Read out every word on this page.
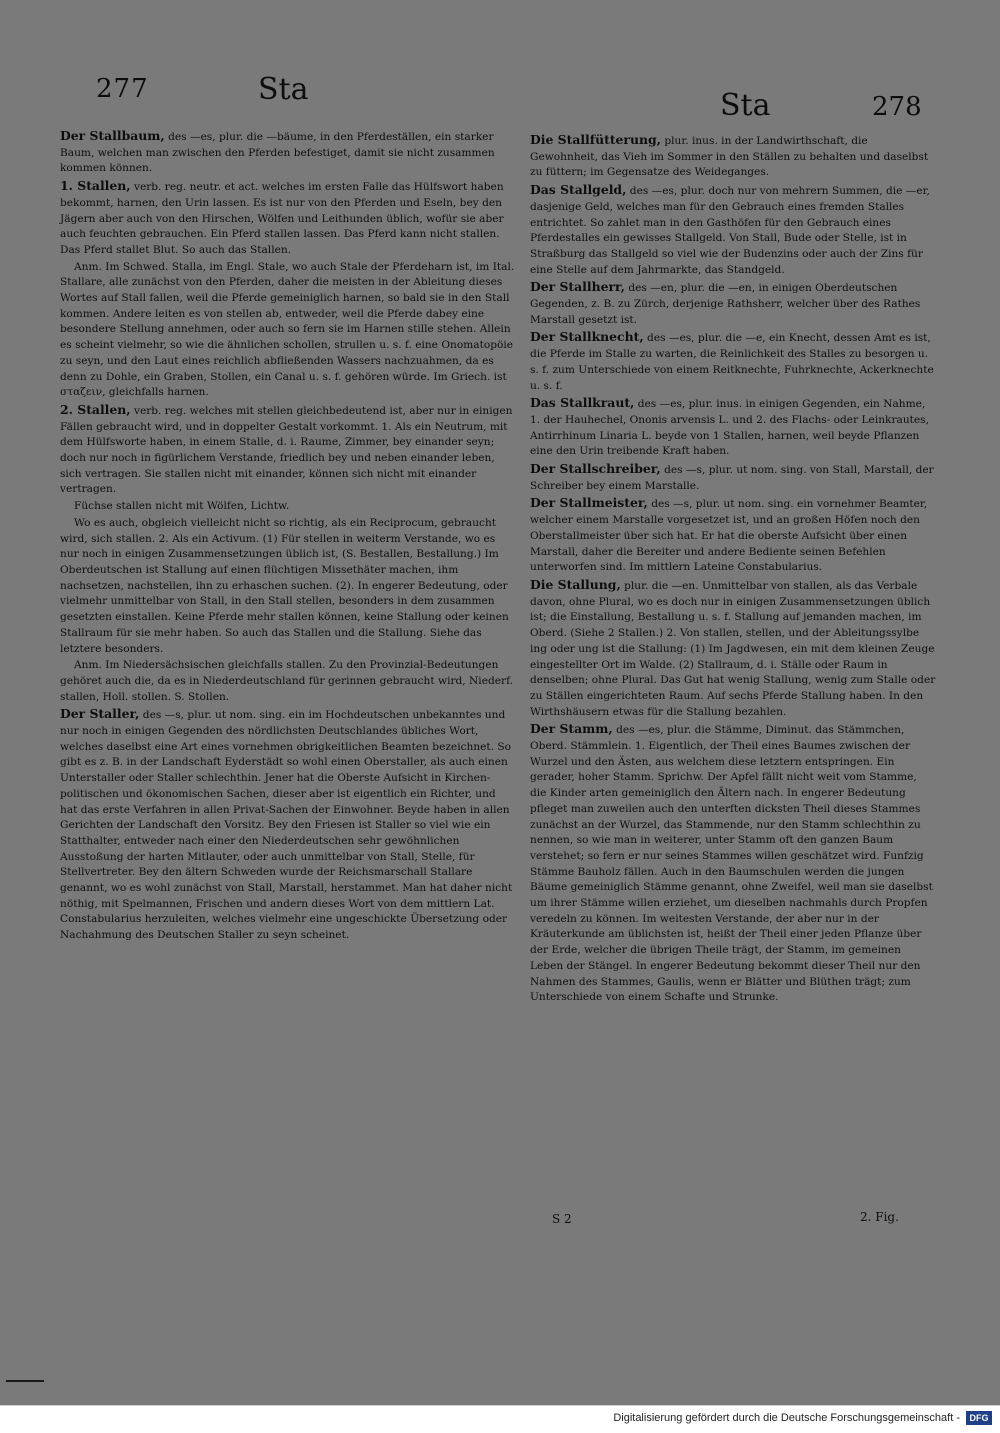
277	Sta	Sta	278

Der Stallbaum, des —es, plur. die —bäume, in den Pferdeställen, ein starker Baum, welchen man zwischen den Pferden befestiget, damit sie nicht zusammen kommen können.

1. Stallen, verb. reg. neutr. et act. welches im ersten Falle das Hülfswort haben bekommt, harnen, den Urin lassen. Es ist nur von den Pferden und Eseln, bey den Jägern aber auch von den Hirschen, Wölfen und Leithunden üblich, wofür sie aber auch feuchten gebrauchen. Ein Pferd stallen lassen. Das Pferd kann nicht stallen. Das Pferd stallet Blut. So auch das Stallen.

Anm. Im Schwed. Stalla, im Engl. Stale, wo auch Stale der Pferdeharn ist, im Ital. Stallare, alle zunächst von den Pferden, daher die meisten in der Ableitung dieses Wortes auf Stall fallen, weil die Pferde gemeiniglich harnen, so bald sie in den Stall kommen. Andere leiten es von stellen ab, entweder, weil die Pferde dabey eine besondere Stellung annehmen, oder auch so fern sie im Harnen stille stehen. Allein es scheint vielmehr, so wie die ähnlichen schollen, strullen u. s. f. eine Onomatopöie zu seyn, und den Laut eines reichlich abfließenden Wassers nachzuahmen, da es denn zu Dohle, ein Graben, Stollen, ein Canal u. s. f. gehören würde. Im Griech. ist σταζειν, gleichfalls harnen.

2. Stallen, verb. reg. welches mit stellen gleichbedeutend ist, aber nur in einigen Fällen gebraucht wird, und in doppelter Gestalt vorkommt. 1. Als ein Neutrum, mit dem Hülfsworte haben, in einem Stalle, d. i. Raume, Zimmer, bey einander seyn; doch nur noch in figürlichem Verstande, friedlich bey und neben einander leben, sich vertragen. Sie stallen nicht mit einander, können sich nicht mit einander vertragen.

Füchse stallen nicht mit Wölfen, Lichtw.

Wo es auch, obgleich vielleicht nicht so richtig, als ein Reciprocum, gebraucht wird, sich stallen. 2. Als ein Activum. (1) Für stellen in weiterm Verstande, wo es nur noch in einigen Zusammensetzungen üblich ist, (S. Bestallen, Bestallung.) Im Oberdeutschen ist Stallung auf einen flüchtigen Missethäter machen, ihm nachsetzen, nachstellen, ihn zu erhaschen suchen. (2). In engerer Bedeutung, oder vielmehr unmittelbar von Stall, in den Stall stellen, besonders in dem zusammen gesetzten einstallen. Keine Pferde mehr stallen können, keine Stallung oder keinen Stallraum für sie mehr haben. So auch das Stallen und die Stallung. Siehe das letztere besonders.

Anm. Im Niedersächsischen gleichfalls stallen. Zu den Provinzial-Bedeutungen gehöret auch die, da es in Niederdeutschland für gerinnen gebraucht wird, Niederf. stallen, Holl. stollen. S. Stollen.

Der Staller, des —s, plur. ut nom. sing. ein im Hochdeutschen unbekanntes und nur noch in einigen Gegenden des nördlichsten Deutschlandes übliches Wort, welches daselbst eine Art eines vornehmen obrigkeitlichen Beamten bezeichnet. So gibt es z. B. in der Landschaft Eyderstädt so wohl einen Oberstaller, als auch einen Unterstaller oder Staller schlechthin. Jener hat die Oberste Aufsicht in Kirchen- politischen und ökonomischen Sachen, dieser aber ist eigentlich ein Richter, und hat das erste Verfahren in allen Privat-Sachen der Einwohner. Beyde haben in allen Gerichten der Landschaft den Vorsitz. Bey den Friesen ist Staller so viel wie ein Statthalter, entweder nach einer den Niederdeutschen sehr gewöhnlichen Ausstoßung der harten Mitlauter, oder auch unmittelbar von Stall, Stelle, für Stellvertreter. Bey den ältern Schweden wurde der Reichsmarschall Stallare genannt, wo es wohl zunächst von Stall, Marstall, herstammet. Man hat daher nicht nöthig, mit Spelmannen, Frischen und andern dieses Wort von dem mittlern Lat. Constabularius herzuleiten, welches vielmehr eine ungeschickte Übersetzung oder Nachahmung des Deutschen Staller zu seyn scheinet.

Die Stallfütterung, plur. inus. in der Landwirthschaft, die Gewohnheit, das Vieh im Sommer in den Ställen zu behalten und daselbst zu füttern; im Gegensatze des Weideganges.

Das Stallgeld, des —es, plur. doch nur von mehrern Summen, die —er, dasjenige Geld, welches man für den Gebrauch eines fremden Stalles entrichtet. So zahlet man in den Gasthöfen für den Gebrauch eines Pferdestalles ein gewisses Stallgeld. Von Stall, Bude oder Stelle, ist in Straßburg das Stallgeld so viel wie der Budenzins oder auch der Zins für eine Stelle auf dem Jahrmarkte, das Standgeld.

Der Stallherr, des —en, plur. die —en, in einigen Oberdeutschen Gegenden, z. B. zu Zürch, derjenige Rathsherr, welcher über des Rathes Marstall gesetzt ist.

Der Stallknecht, des —es, plur. die —e, ein Knecht, dessen Amt es ist, die Pferde im Stalle zu warten, die Reinlichkeit des Stalles zu besorgen u. s. f. zum Unterschiede von einem Reitknechte, Fuhrknechte, Ackerknechte u. s. f.

Das Stallkraut, des —es, plur. inus. in einigen Gegenden, ein Nahme, 1. der Hauhechel, Ononis arvensis L. und 2. des Flachs- oder Leinkrautes, Antirrhinum Linaria L. beyde von 1 Stallen, harnen, weil beyde Pflanzen eine den Urin treibende Kraft haben.

Der Stallschreiber, des —s, plur. ut nom. sing. von Stall, Marstall, der Schreiber bey einem Marstalle.

Der Stallmeister, des —s, plur. ut nom. sing. ein vornehmer Beamter, welcher einem Marstalle vorgesetzet ist, und an großen Höfen noch den Oberstallmeister über sich hat. Er hat die oberste Aufsicht über einen Marstall, daher die Bereiter und andere Bediente seinen Befehlen unterworfen sind. Im mittlern Lateine Constabularius.

Die Stallung, plur. die —en. Unmittelbar von stallen, als das Verbale davon, ohne Plural, wo es doch nur in einigen Zusammensetzungen üblich ist; die Einstallung, Bestallung u. s. f. Stallung auf jemanden machen, im Oberd. (Siehe 2 Stallen.) 2. Von stallen, stellen, und der Ableitungssylbe ing oder ung ist die Stallung: (1) Im Jagdwesen, ein mit dem kleinen Zeuge eingestellter Ort im Walde. (2) Stallraum, d. i. Ställe oder Raum in denselben; ohne Plural. Das Gut hat wenig Stallung, wenig zum Stalle oder zu Ställen eingerichteten Raum. Auf sechs Pferde Stallung haben. In den Wirthshäusern etwas für die Stallung bezahlen.

Der Stamm, des —es, plur. die Stämme, Diminut. das Stämmchen, Oberd. Stämmlein. 1. Eigentlich, der Theil eines Baumes zwischen der Wurzel und den Ästen, aus welchem diese letztern entspringen. Ein gerader, hoher Stamm. Sprichw. Der Apfel fällt nicht weit vom Stamme, die Kinder arten gemeiniglich den Ältern nach. In engerer Bedeutung pfleget man zuweilen auch den unterften dicksten Theil dieses Stammes zunächst an der Wurzel, das Stammende, nur den Stamm schlechthin zu nennen, so wie man in weiterer, unter Stamm oft den ganzen Baum verstehet; so fern er nur seines Stammes willen geschätzet wird. Funfzig Stämme Bauholz fällen. Auch in den Baumschulen werden die jungen Bäume gemeiniglich Stämme genannt, ohne Zweifel, weil man sie daselbst um ihrer Stämme willen erziehet, um dieselben nachmahls durch Propfen veredeln zu können. Im weitesten Verstande, der aber nur in der Kräuterkunde am üblichsten ist, heißt der Theil einer jeden Pflanze über der Erde, welcher die übrigen Theile trägt, der Stamm, im gemeinen Leben der Stängel. In engerer Bedeutung bekommt dieser Theil nur den Nahmen des Stammes, Gaulis, wenn er Blätter und Blüthen trägt; zum Unterschiede von einem Schafte und Strunke.

S 2	2. Fig.
Digitalisierung gefördert durch die Deutsche Forschungsgemeinschaft -	DFG
